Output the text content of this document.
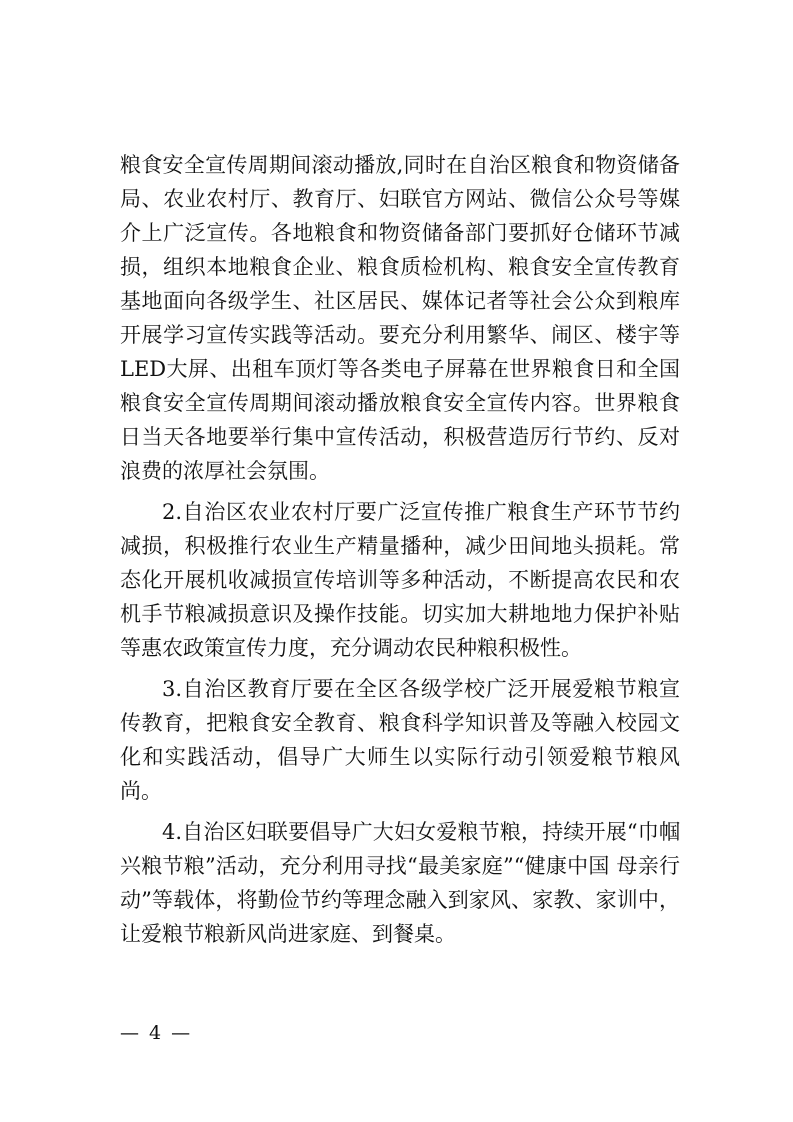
粮食安全宣传周期间滚动播放,同时在自治区粮食和物资储备局、农业农村厅、教育厅、妇联官方网站、微信公众号等媒介上广泛宣传。各地粮食和物资储备部门要抓好仓储环节减损，组织本地粮食企业、粮食质检机构、粮食安全宣传教育基地面向各级学生、社区居民、媒体记者等社会公众到粮库开展学习宣传实践等活动。要充分利用繁华、闹区、楼宇等LED大屏、出租车顶灯等各类电子屏幕在世界粮食日和全国粮食安全宣传周期间滚动播放粮食安全宣传内容。世界粮食日当天各地要举行集中宣传活动，积极营造厉行节约、反对浪费的浓厚社会氛围。

2.自治区农业农村厅要广泛宣传推广粮食生产环节节约减损，积极推行农业生产精量播种，减少田间地头损耗。常态化开展机收减损宣传培训等多种活动，不断提高农民和农机手节粮减损意识及操作技能。切实加大耕地地力保护补贴等惠农政策宣传力度，充分调动农民种粮积极性。

3.自治区教育厅要在全区各级学校广泛开展爱粮节粮宣传教育，把粮食安全教育、粮食科学知识普及等融入校园文化和实践活动，倡导广大师生以实际行动引领爱粮节粮风尚。

4.自治区妇联要倡导广大妇女爱粮节粮，持续开展“巾帼兴粮节粮”活动，充分利用寻找“最美家庭”“健康中国 母亲行动”等载体，将勤俭节约等理念融入到家风、家教、家训中，让爱粮节粮新风尚进家庭、到餐桌。

— 4 —
